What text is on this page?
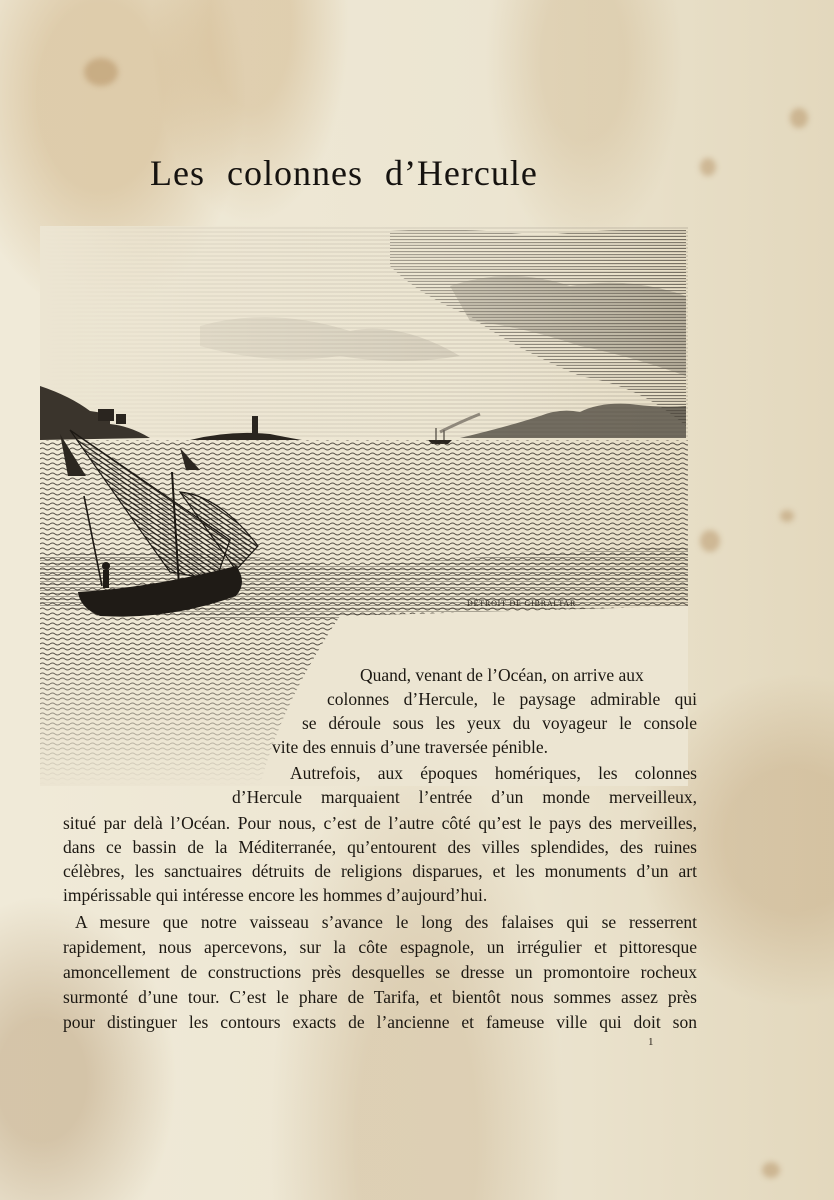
Les colonnes d’Hercule
DÉTROIT DE GIBRALTAR
Quand, venant de l’Océan, on arrive aux
colonnes d’Hercule, le paysage admirable qui
se déroule sous les yeux du voyageur le console
vite des ennuis d’une traversée pénible.
Autrefois, aux époques homériques, les colonnes
d’Hercule marquaient l’entrée d’un monde merveilleux,
situé par delà l’Océan. Pour nous, c’est de l’autre côté qu’est le pays des merveilles,
dans ce bassin de la Méditerranée, qu’entourent des villes splendides, des ruines
célèbres, les sanctuaires détruits de religions disparues, et les monuments d’un art
impérissable qui intéresse encore les hommes d’aujourd’hui.
A mesure que notre vaisseau s’avance le long des falaises qui se resserrent
rapidement, nous apercevons, sur la côte espagnole, un irrégulier et pittoresque
amoncellement de constructions près desquelles se dresse un promontoire rocheux
surmonté d’une tour. C’est le phare de Tarifa, et bientôt nous sommes assez près
pour distinguer les contours exacts de l’ancienne et fameuse ville qui doit son
1
